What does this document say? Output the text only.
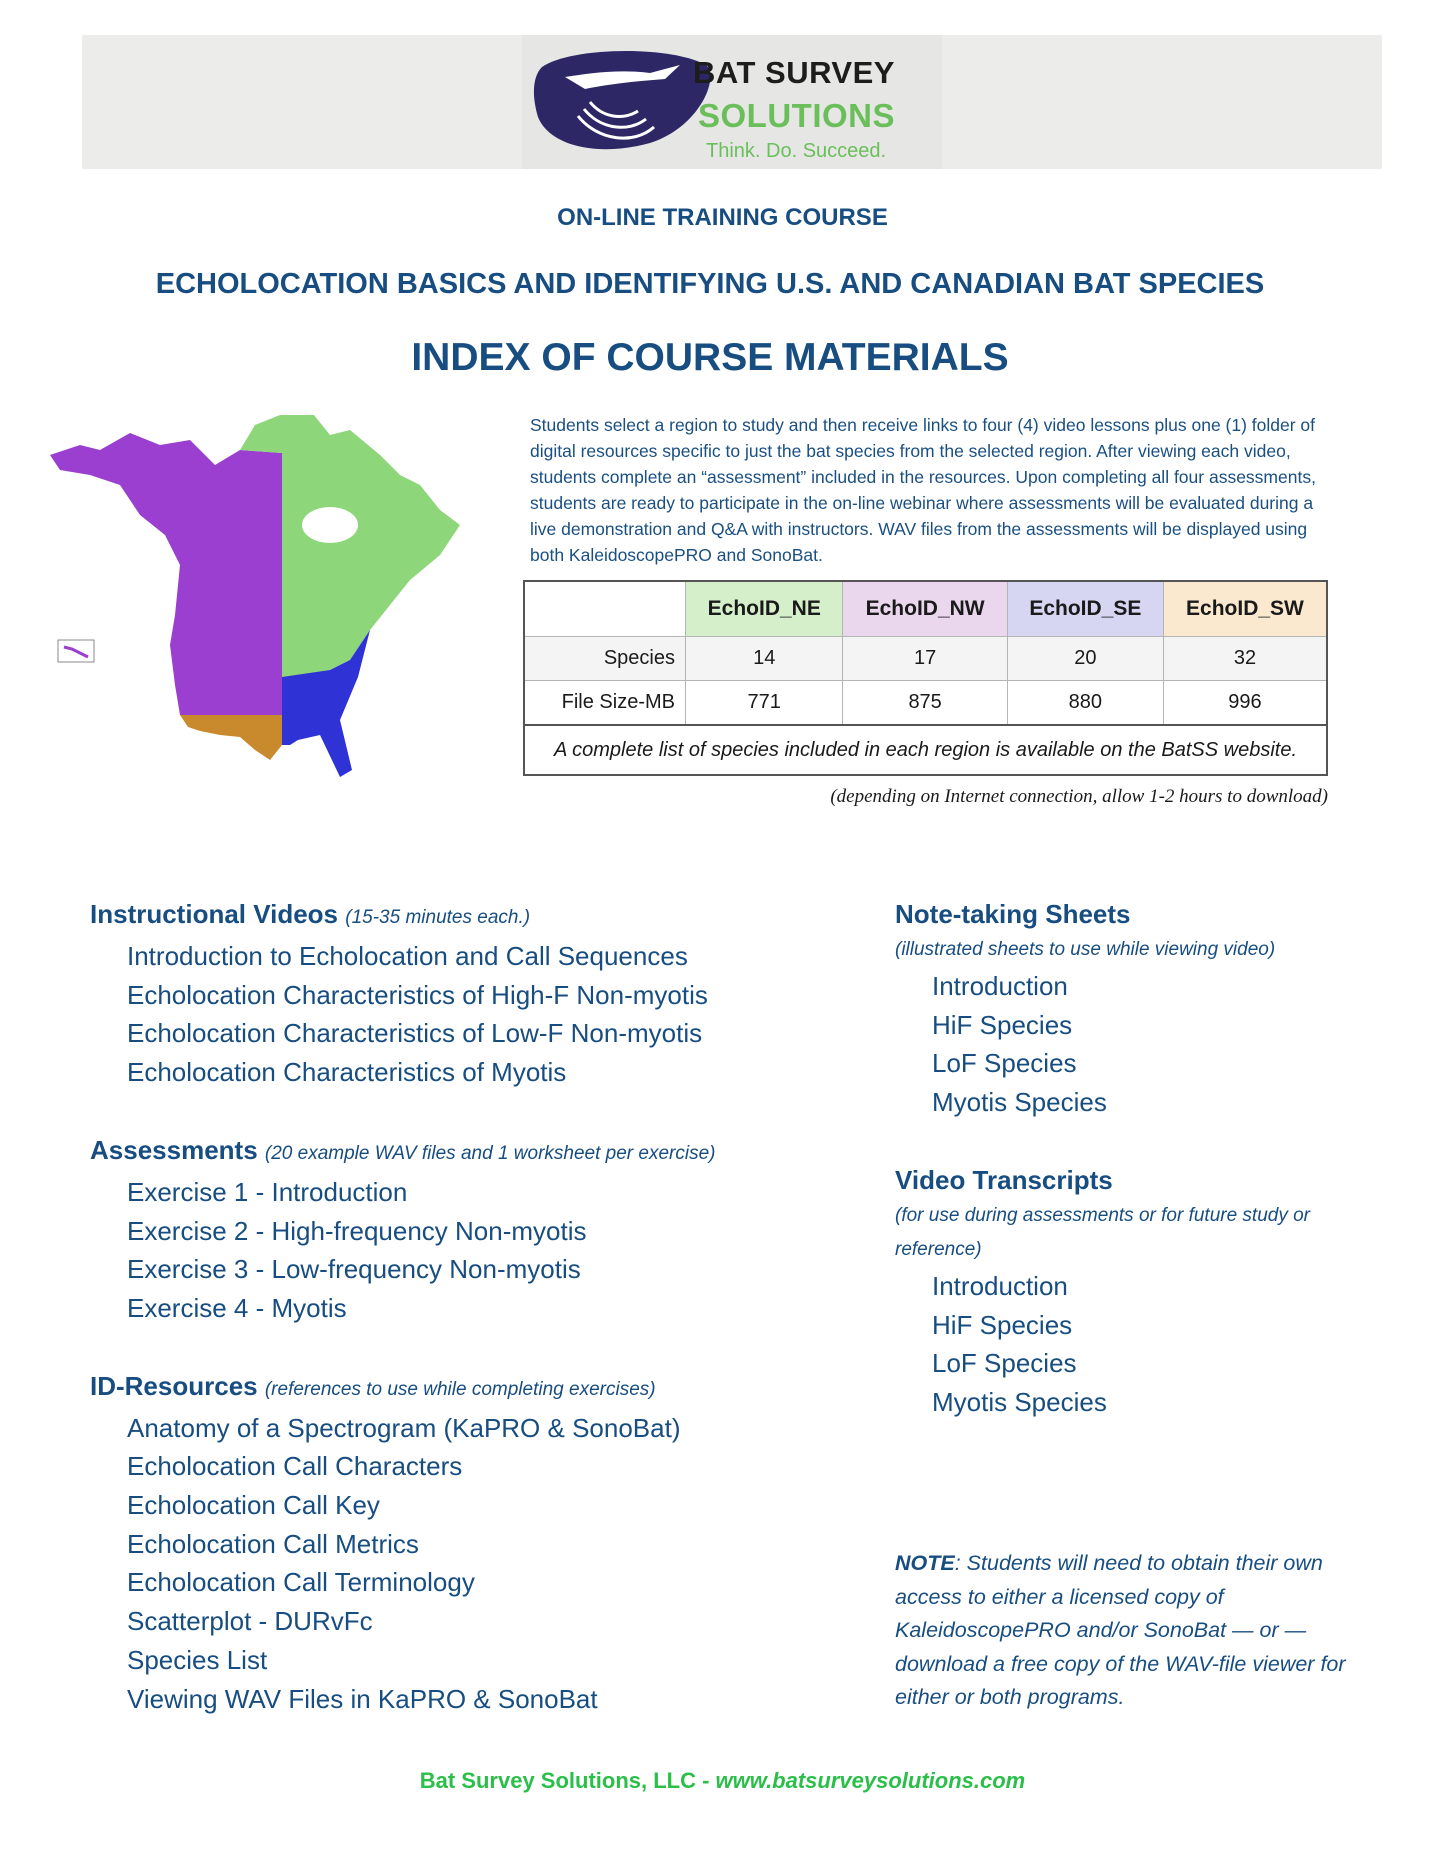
BAT SURVEY
SOLUTIONS
Think. Do. Succeed.
ON-LINE TRAINING COURSE
ECHOLOCATION BASICS AND IDENTIFYING U.S. AND CANADIAN BAT SPECIES
INDEX OF COURSE MATERIALS
Students select a region to study and then receive links to four (4) video lessons plus one (1) folder of digital resources specific to just the bat species from the selected region. After viewing each video, students complete an “assessment” included in the resources. Upon completing all four assessments, students are ready to participate in the on-line webinar where assessments will be evaluated during a live demonstration and Q&A with instructors. WAV files from the assessments will be displayed using both KaleidoscopePRO and SonoBat.
	EchoID_NE	EchoID_NW	EchoID_SE	EchoID_SW
Species	14	17	20	32
File Size-MB	771	875	880	996
A complete list of species included in each region is available on the BatSS website.				
(depending on Internet connection, allow 1-2 hours to download)
Instructional Videos (15-35 minutes each.)
Introduction to Echolocation and Call Sequences
Echolocation Characteristics of High-F Non-myotis
Echolocation Characteristics of Low-F Non-myotis
Echolocation Characteristics of Myotis
Assessments (20 example WAV files and 1 worksheet per exercise)
Exercise 1 - Introduction
Exercise 2 - High-frequency Non-myotis
Exercise 3 - Low-frequency Non-myotis
Exercise 4 - Myotis
ID-Resources (references to use while completing exercises)
Anatomy of a Spectrogram (KaPRO & SonoBat)
Echolocation Call Characters
Echolocation Call Key
Echolocation Call Metrics
Echolocation Call Terminology
Scatterplot - DURvFc
Species List
Viewing WAV Files in KaPRO & SonoBat
Note-taking Sheets
(illustrated sheets to use while viewing video)
Introduction
HiF Species
LoF Species
Myotis Species
Video Transcripts
(for use during assessments or for future study or reference)
Introduction
HiF Species
LoF Species
Myotis Species
NOTE: Students will need to obtain their own access to either a licensed copy of KaleidoscopePRO and/or SonoBat — or — download a free copy of the WAV-file viewer for either or both programs.
Bat Survey Solutions, LLC - www.batsurveysolutions.com
